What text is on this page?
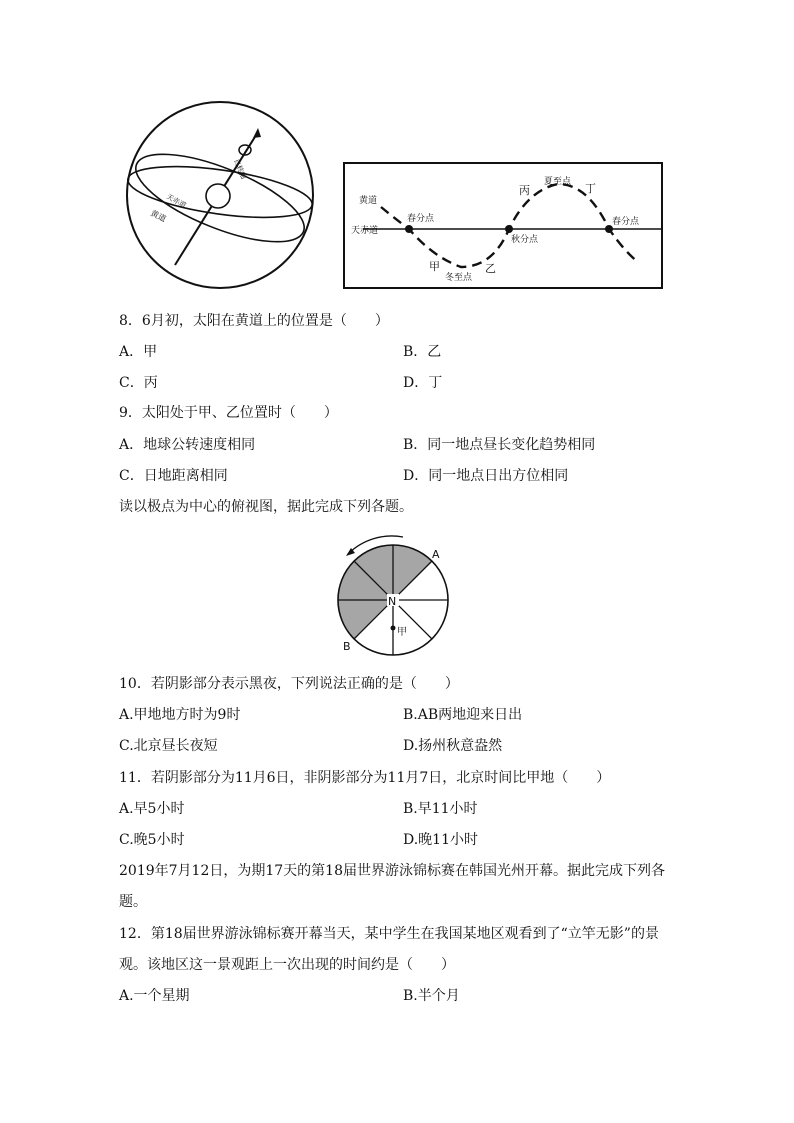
自转轴
天赤道
黄道
黄道
天赤道
春分点
秋分点
春分点
夏至点
冬至点
甲	乙
丙	丁
8．6月初，太阳在黄道上的位置是（　　）
A．甲	B．乙
C．丙	D．丁
9．太阳处于甲、乙位置时（　　）
A．地球公转速度相同	B．同一地点昼长变化趋势相同
C．日地距离相同	D．同一地点日出方位相同
读以极点为中心的俯视图，据此完成下列各题。
N
A
B
甲
10．若阴影部分表示黑夜，下列说法正确的是（　　）
A.甲地地方时为9时	B.AB两地迎来日出
C.北京昼长夜短	D.扬州秋意盎然
11．若阴影部分为11月6日，非阴影部分为11月7日，北京时间比甲地（　　）
A.早5小时	B.早11小时
C.晚5小时	D.晚11小时
2019年7月12日，为期17天的第18届世界游泳锦标赛在韩国光州开幕。据此完成下列各
题。
12．第18届世界游泳锦标赛开幕当天，某中学生在我国某地区观看到了“立竿无影”的景
观。该地区这一景观距上一次出现的时间约是（　　）
A.一个星期	B.半个月
